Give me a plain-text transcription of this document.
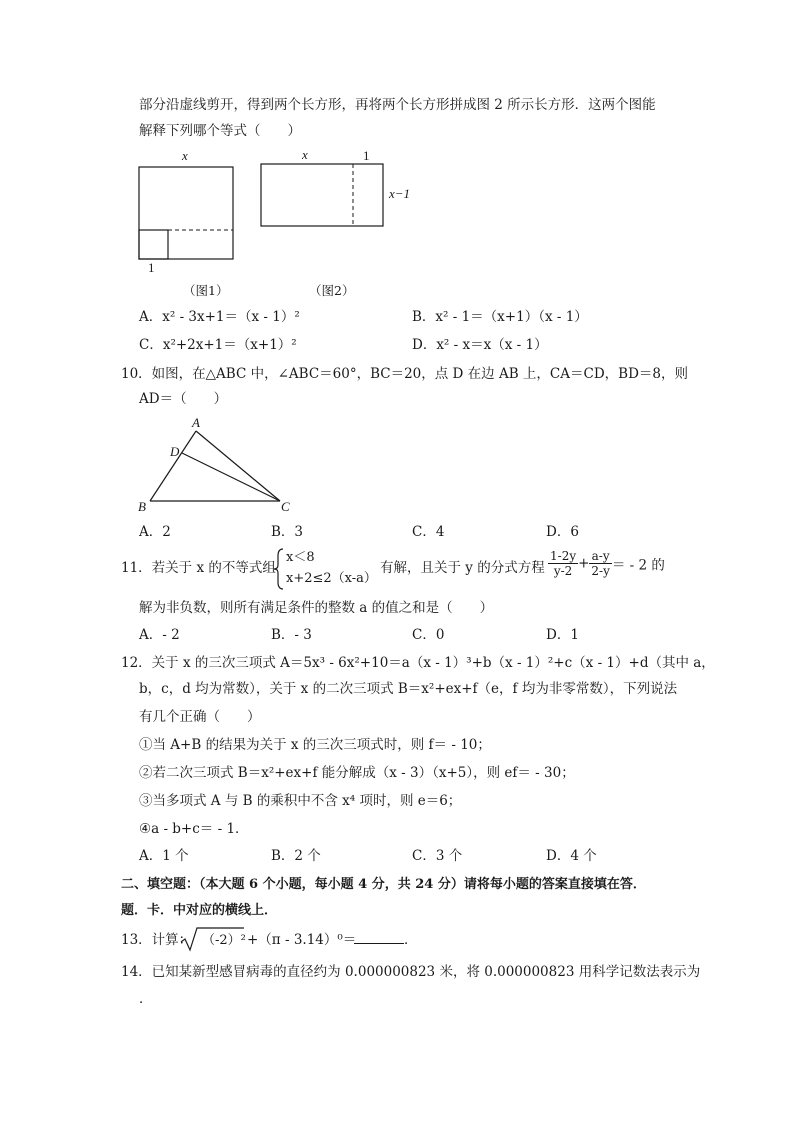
部分沿虚线剪开，得到两个长方形，再将两个长方形拼成图 2 所示长方形．这两个图能
解释下列哪个等式（　　）
x
1
x	1
x−1
（图1）	（图2）
A．x² - 3x+1＝（x - 1）²	B．x² - 1＝（x+1）（x - 1）
C．x²+2x+1＝（x+1）²	D．x² - x＝x（x - 1）
10．如图，在△ABC 中，∠ABC＝60°，BC＝20，点 D 在边 AB 上，CA＝CD，BD＝8，则
AD＝（　　）
A
D
B	C
A．2	B．3	C．4	D．6
11．若关于 x 的不等式组
x＜8
x+2≤2（x-a）
有解，且关于 y 的分式方程 $\frac{1-2y}{y-2} + \frac{a-y}{2-y}$ ＝ - 2 的
解为非负数，则所有满足条件的整数 a 的值之和是（　　）
A．- 2	B．- 3	C．0	D．1
12．关于 x 的三次三项式 A＝5x³ - 6x²+10＝a（x - 1）³+b（x - 1）²+c（x - 1）+d（其中 a，
b，c，d 均为常数），关于 x 的二次三项式 B＝x²+ex+f（e，f 均为非零常数），下列说法
有几个正确（　　）
①当 A+B 的结果为关于 x 的三次三项式时，则 f＝ - 10；
②若二次三项式 B＝x²+ex+f 能分解成（x - 3）（x+5），则 ef＝ - 30；
③当多项式 A 与 B 的乘积中不含 x⁴ 项时，则 e＝6；
④a - b+c＝ - 1．
A．1 个	B．2 个	C．3 个	D．4 个
二、填空题：（本大题 6 个小题，每小题 4 分，共 24 分）请将每小题的答案直接填在答．
题．卡．中对应的横线上．
13．计算： （-2）² +（π - 3.14）⁰＝	．
14．已知某新型感冒病毒的直径约为 0.000000823 米，将 0.000000823 用科学记数法表示为
．
